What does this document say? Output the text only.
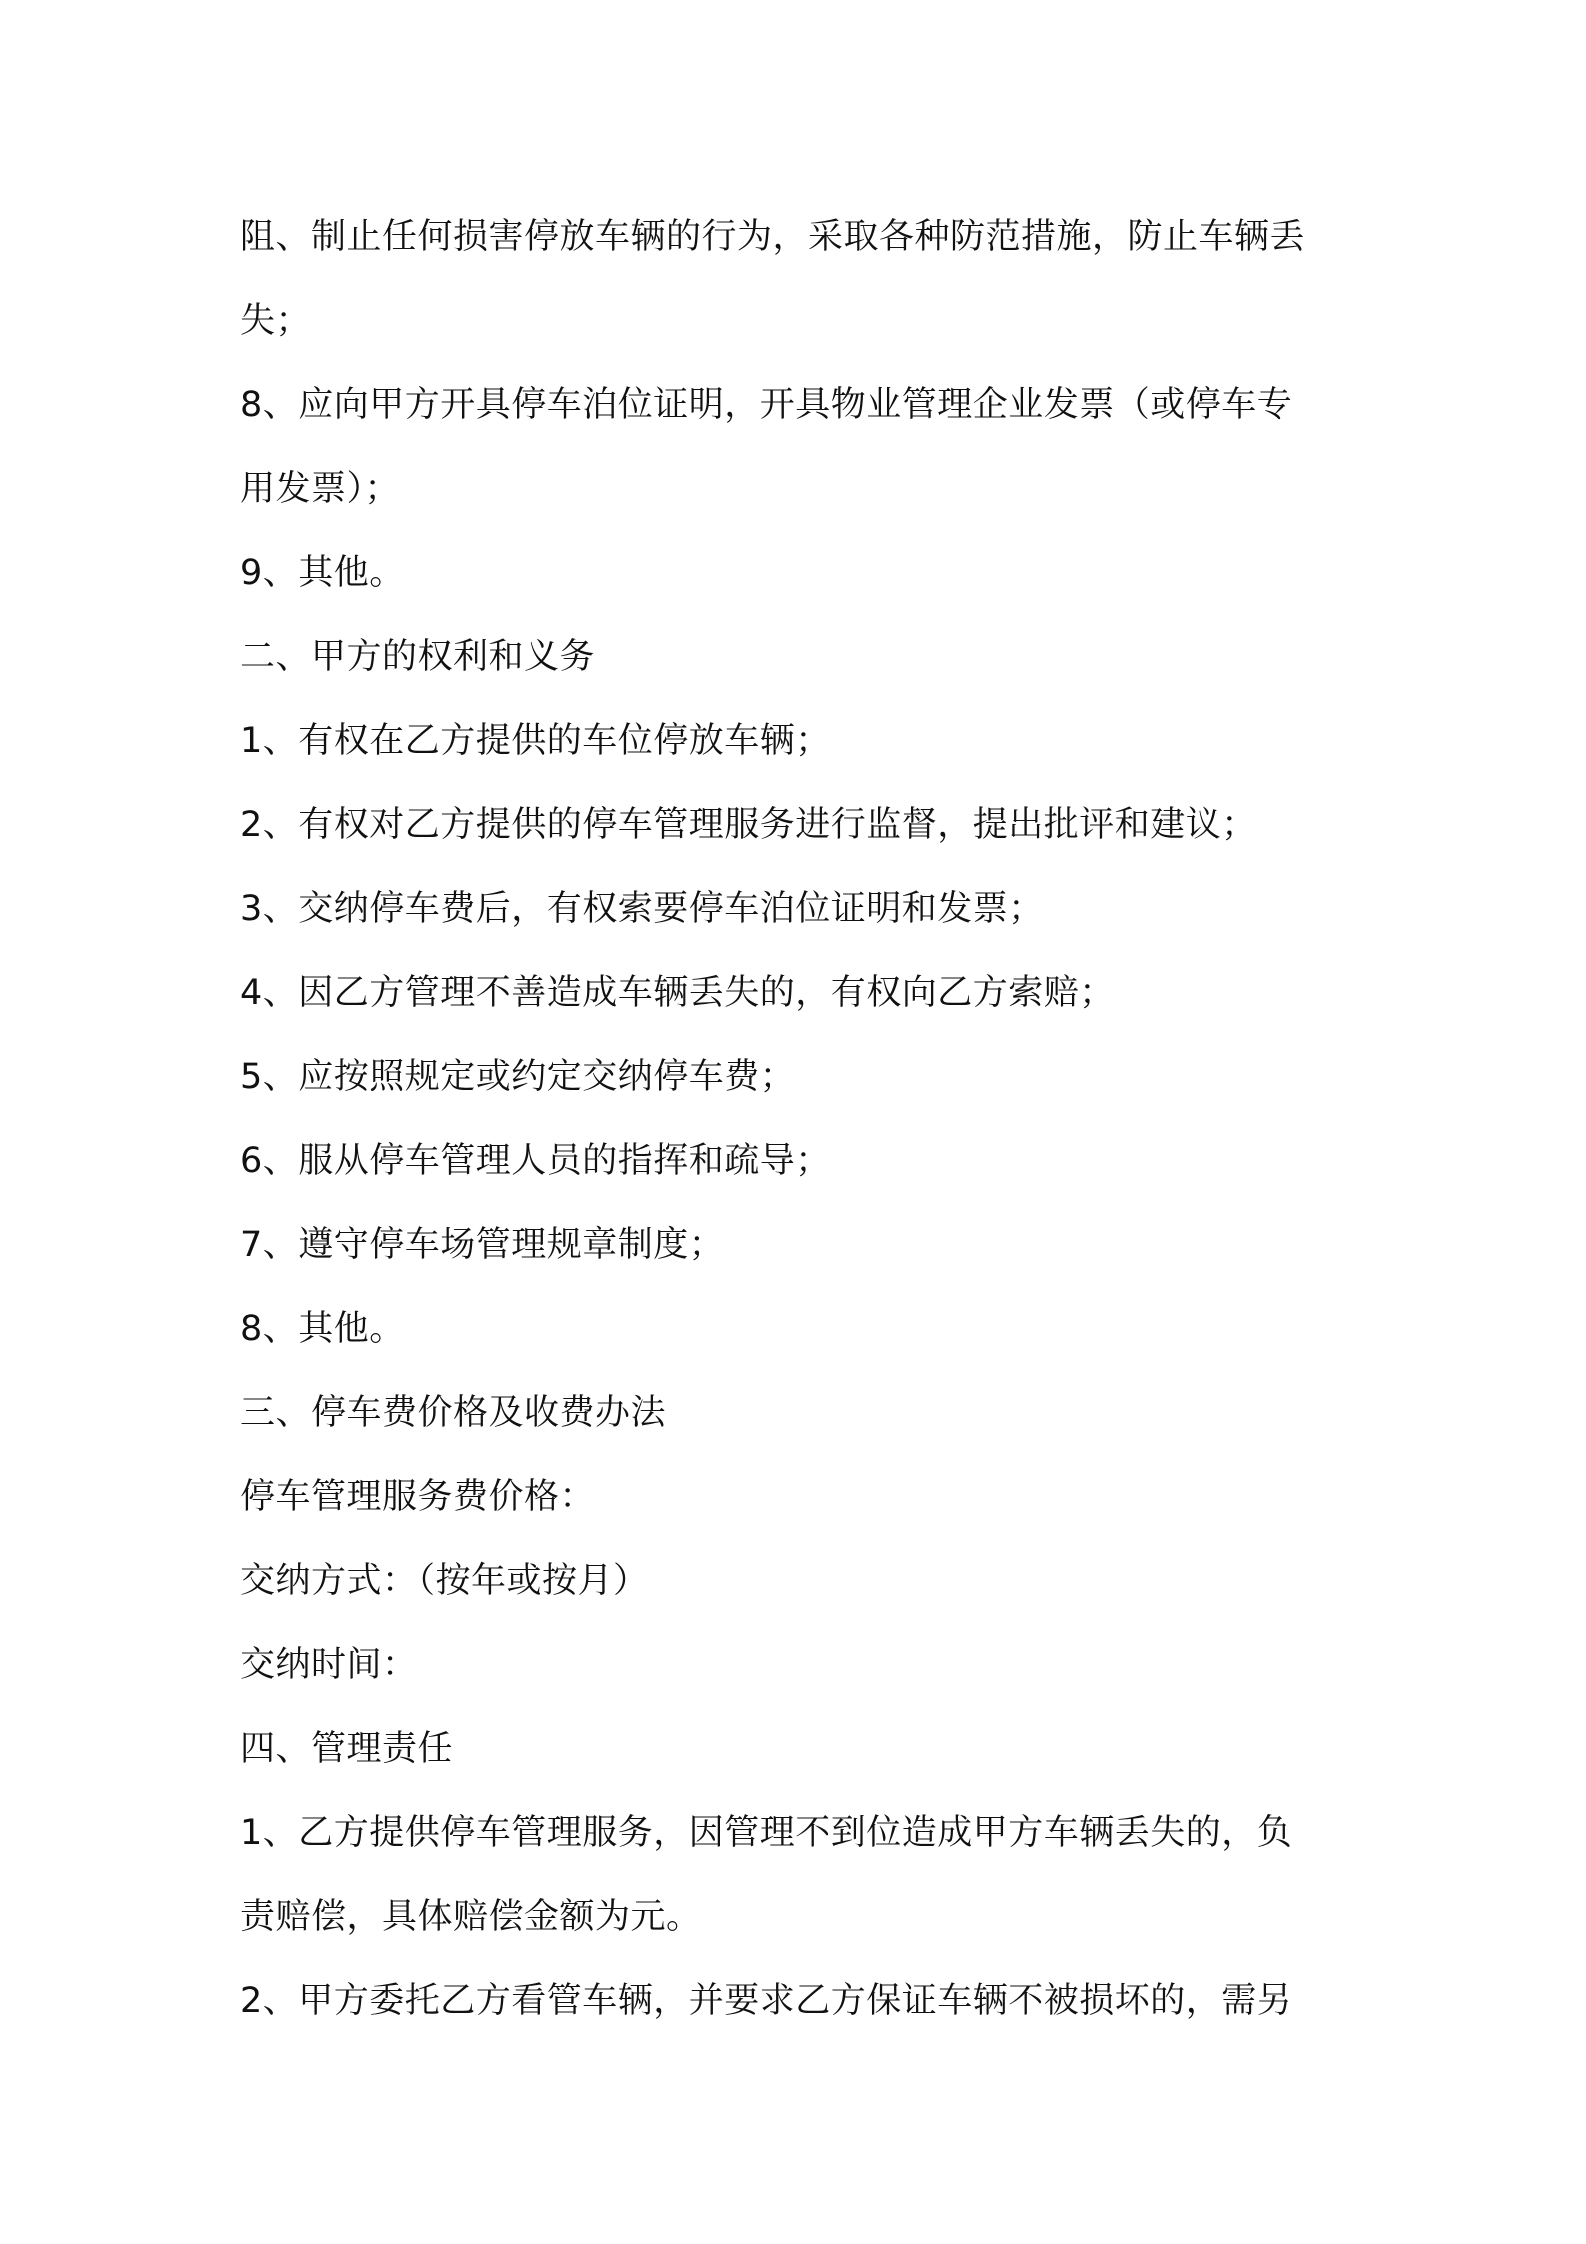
阻、制止任何损害停放车辆的行为，采取各种防范措施，防止车辆丢
失；
8、应向甲方开具停车泊位证明，开具物业管理企业发票（或停车专
用发票）；
9、其他。
二、甲方的权利和义务
1、有权在乙方提供的车位停放车辆；
2、有权对乙方提供的停车管理服务进行监督，提出批评和建议；
3、交纳停车费后，有权索要停车泊位证明和发票；
4、因乙方管理不善造成车辆丢失的，有权向乙方索赔；
5、应按照规定或约定交纳停车费；
6、服从停车管理人员的指挥和疏导；
7、遵守停车场管理规章制度；
8、其他。
三、停车费价格及收费办法
停车管理服务费价格：
交纳方式：（按年或按月）
交纳时间：
四、管理责任
1、乙方提供停车管理服务，因管理不到位造成甲方车辆丢失的，负
责赔偿，具体赔偿金额为元。
2、甲方委托乙方看管车辆，并要求乙方保证车辆不被损坏的，需另
